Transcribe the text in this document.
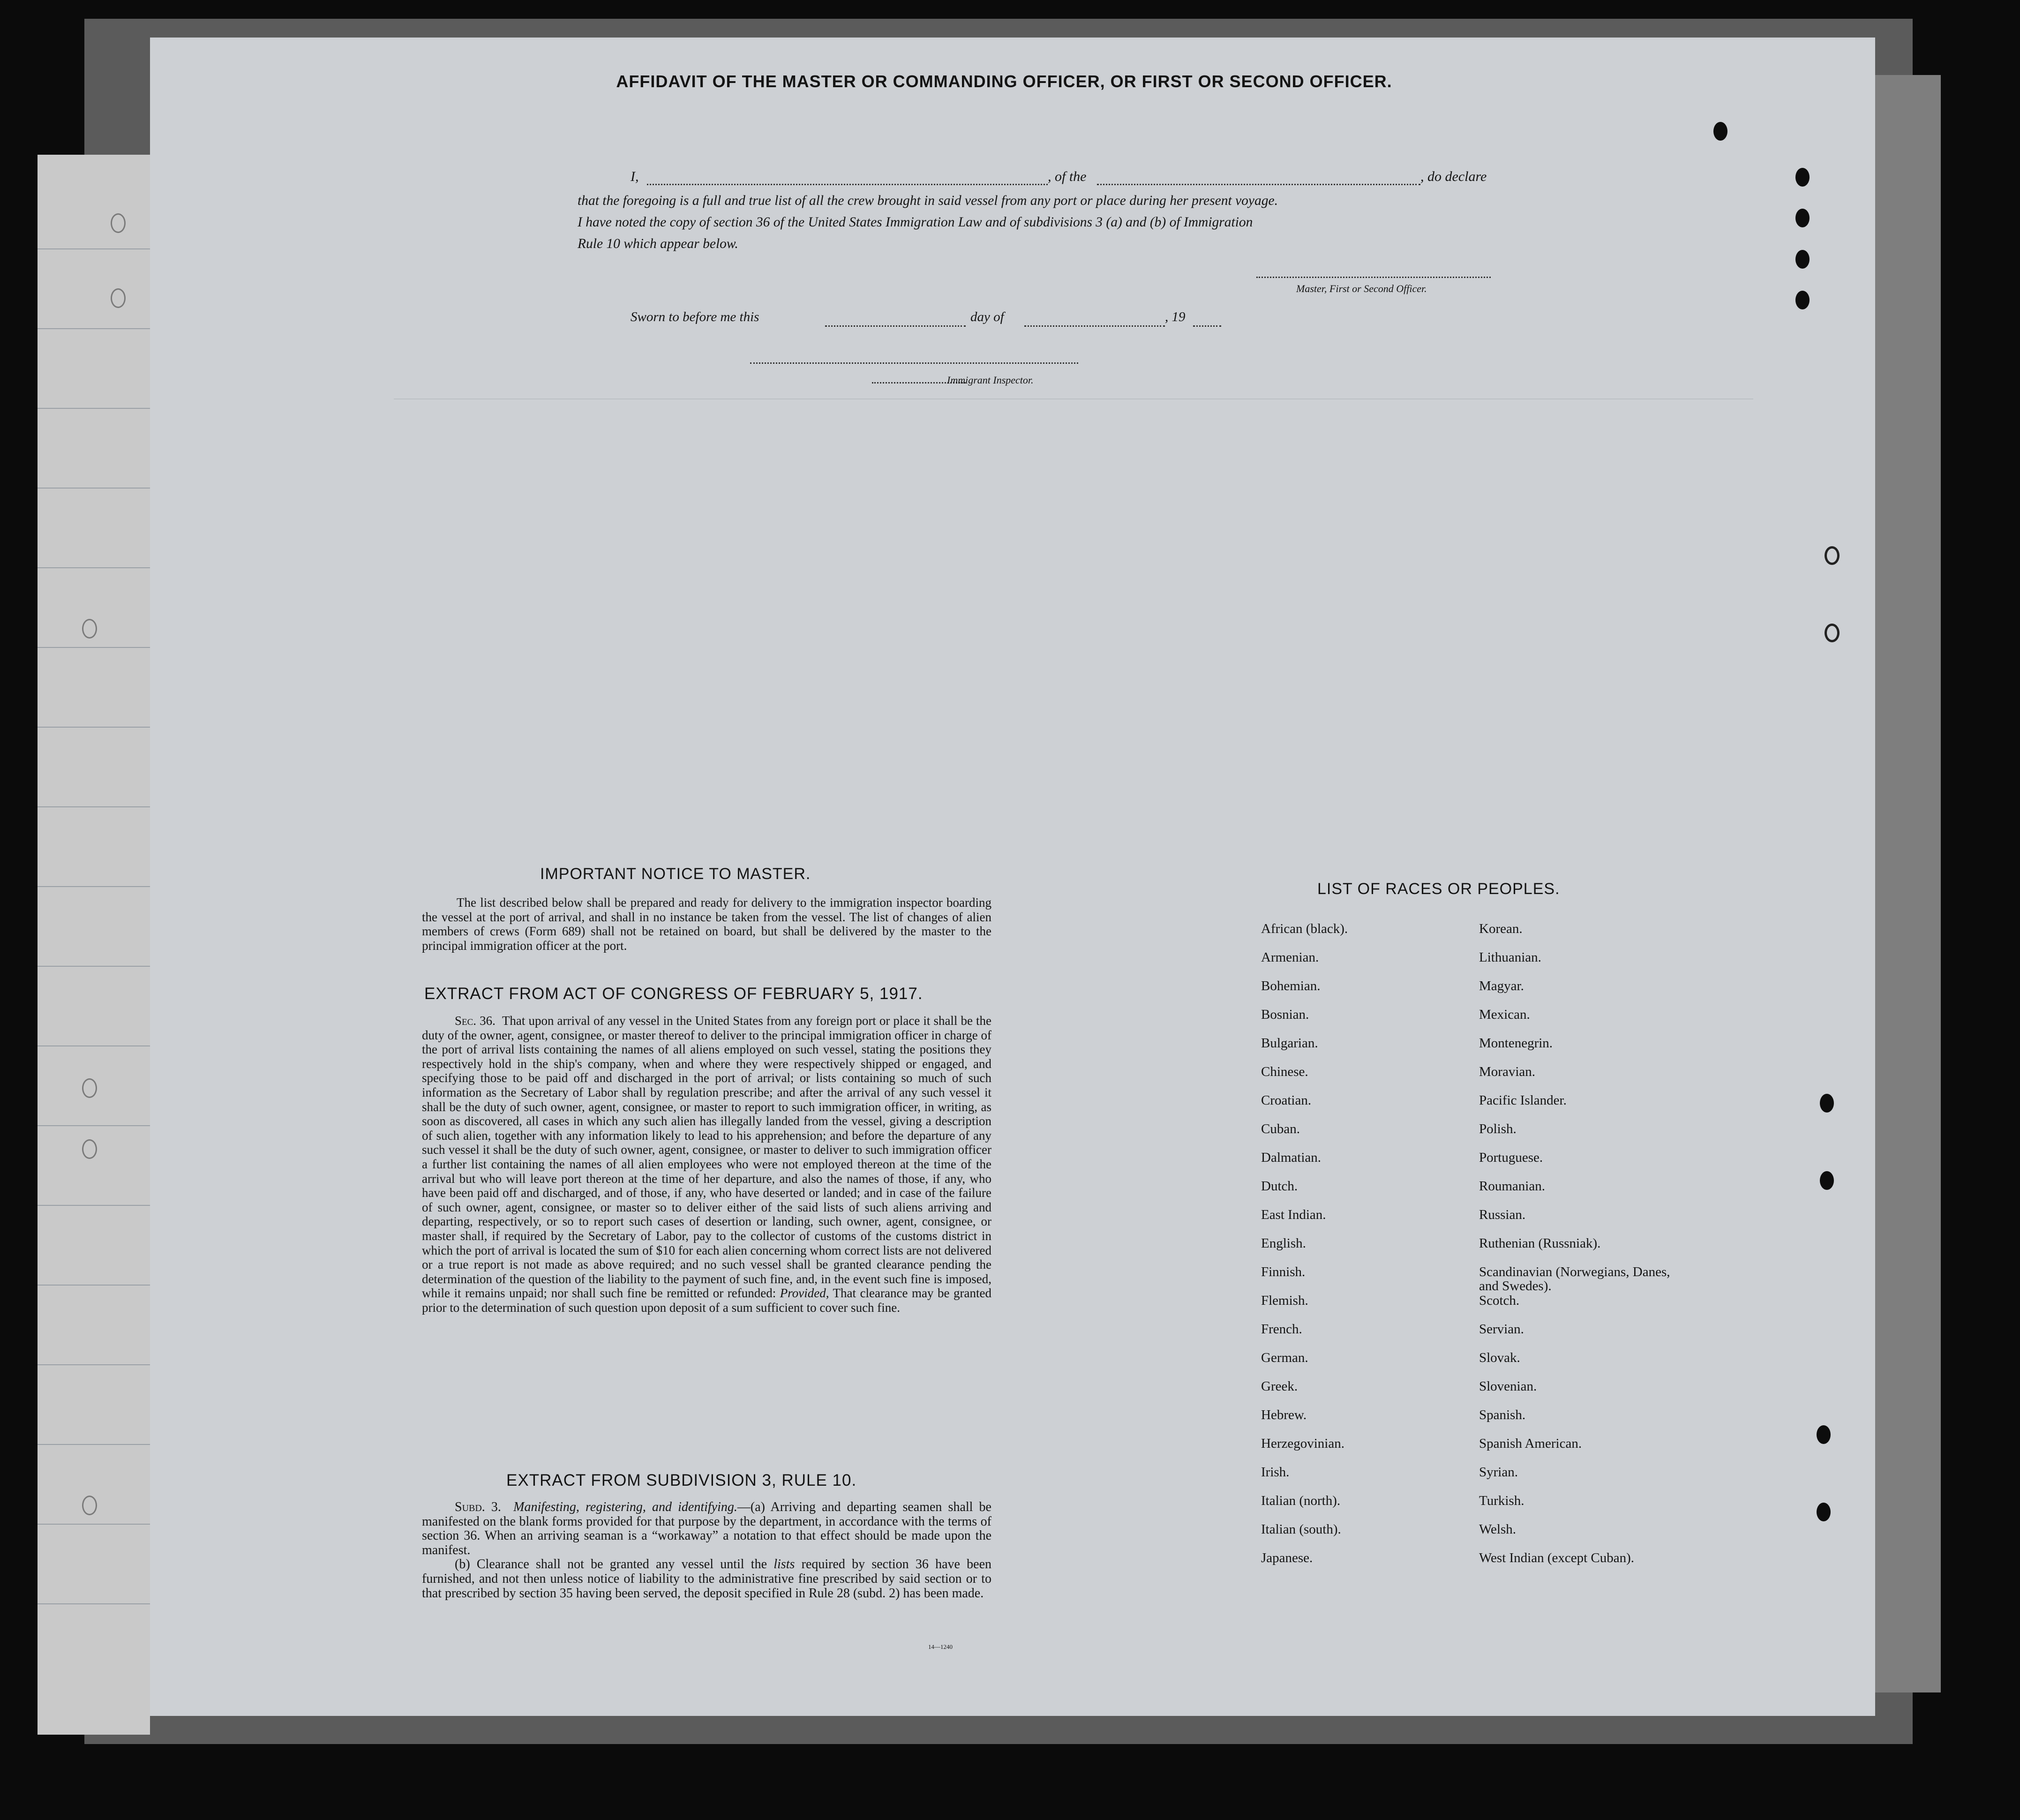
AFFIDAVIT OF THE MASTER OR COMMANDING OFFICER, OR FIRST OR SECOND OFFICER.
I,	, of the	, do declare
that the foregoing is a full and true list of all the crew brought in said vessel from any port or place during her present voyage.
I have noted the copy of section 36 of the United States Immigration Law and of subdivisions 3 (a) and (b) of Immigration
Rule 10 which appear below.
Master, First or Second Officer.
Sworn to before me this	day of	, 19
Immigrant Inspector.
IMPORTANT NOTICE TO MASTER.
The list described below shall be prepared and ready for delivery to the immigration inspector boarding the vessel at the port of arrival, and shall in no instance be taken from the vessel. The list of changes of alien members of crews (Form 689) shall not be retained on board, but shall be delivered by the master to the principal immigration officer at the port.
EXTRACT FROM ACT OF CONGRESS OF FEBRUARY 5, 1917.

Sec. 36. That upon arrival of any vessel in the United States from any foreign port or place it shall be the duty of the owner, agent, consignee, or master thereof to deliver to the principal immigration officer in charge of the port of arrival lists containing the names of all aliens employed on such vessel, stating the positions they respectively hold in the ship's company, when and where they were respectively shipped or engaged, and specifying those to be paid off and discharged in the port of arrival; or lists containing so much of such information as the Secretary of Labor shall by regulation prescribe; and after the arrival of any such vessel it shall be the duty of such owner, agent, consignee, or master to report to such immigration officer, in writing, as soon as discovered, all cases in which any such alien has illegally landed from the vessel, giving a description of such alien, together with any information likely to lead to his apprehension; and before the departure of any such vessel it shall be the duty of such owner, agent, consignee, or master to deliver to such immigration officer a further list containing the names of all alien employees who were not employed thereon at the time of the arrival but who will leave port thereon at the time of her departure, and also the names of those, if any, who have been paid off and discharged, and of those, if any, who have deserted or landed; and in case of the failure of such owner, agent, consignee, or master so to deliver either of the said lists of such aliens arriving and departing, respectively, or so to report such cases of desertion or landing, such owner, agent, consignee, or master shall, if required by the Secretary of Labor, pay to the collector of customs of the customs district in which the port of arrival is located the sum of $10 for each alien concerning whom correct lists are not delivered or a true report is not made as above required; and no such vessel shall be granted clearance pending the determination of the question of the liability to the payment of such fine, and, in the event such fine is imposed, while it remains unpaid; nor shall such fine be remitted or refunded: Provided, That clearance may be granted prior to the determination of such question upon deposit of a sum sufficient to cover such fine.

EXTRACT FROM SUBDIVISION 3, RULE 10.

Subd. 3. Manifesting, registering, and identifying.—(a) Arriving and departing seamen shall be manifested on the blank forms provided for that purpose by the department, in accordance with the terms of section 36. When an arriving seaman is a “workaway” a notation to that effect should be made upon the manifest.

(b) Clearance shall not be granted any vessel until the lists required by section 36 have been furnished, and not then unless notice of liability to the administrative fine prescribed by said section or to that prescribed by section 35 having been served, the deposit specified in Rule 28 (subd. 2) has been made.

14—1240
LIST OF RACES OR PEOPLES.
African (black).
Armenian.
Bohemian.
Bosnian.
Bulgarian.
Chinese.
Croatian.
Cuban.
Dalmatian.
Dutch.
East Indian.
English.
Finnish.
Flemish.
French.
German.
Greek.
Hebrew.
Herzegovinian.
Irish.
Italian (north).
Italian (south).
Japanese.
Korean.
Lithuanian.
Magyar.
Mexican.
Montenegrin.
Moravian.
Pacific Islander.
Polish.
Portuguese.
Roumanian.
Russian.
Ruthenian (Russniak).
Scandinavian (Norwegians, Danes, and Swedes).
Scotch.
Servian.
Slovak.
Slovenian.
Spanish.
Spanish American.
Syrian.
Turkish.
Welsh.
West Indian (except Cuban).
